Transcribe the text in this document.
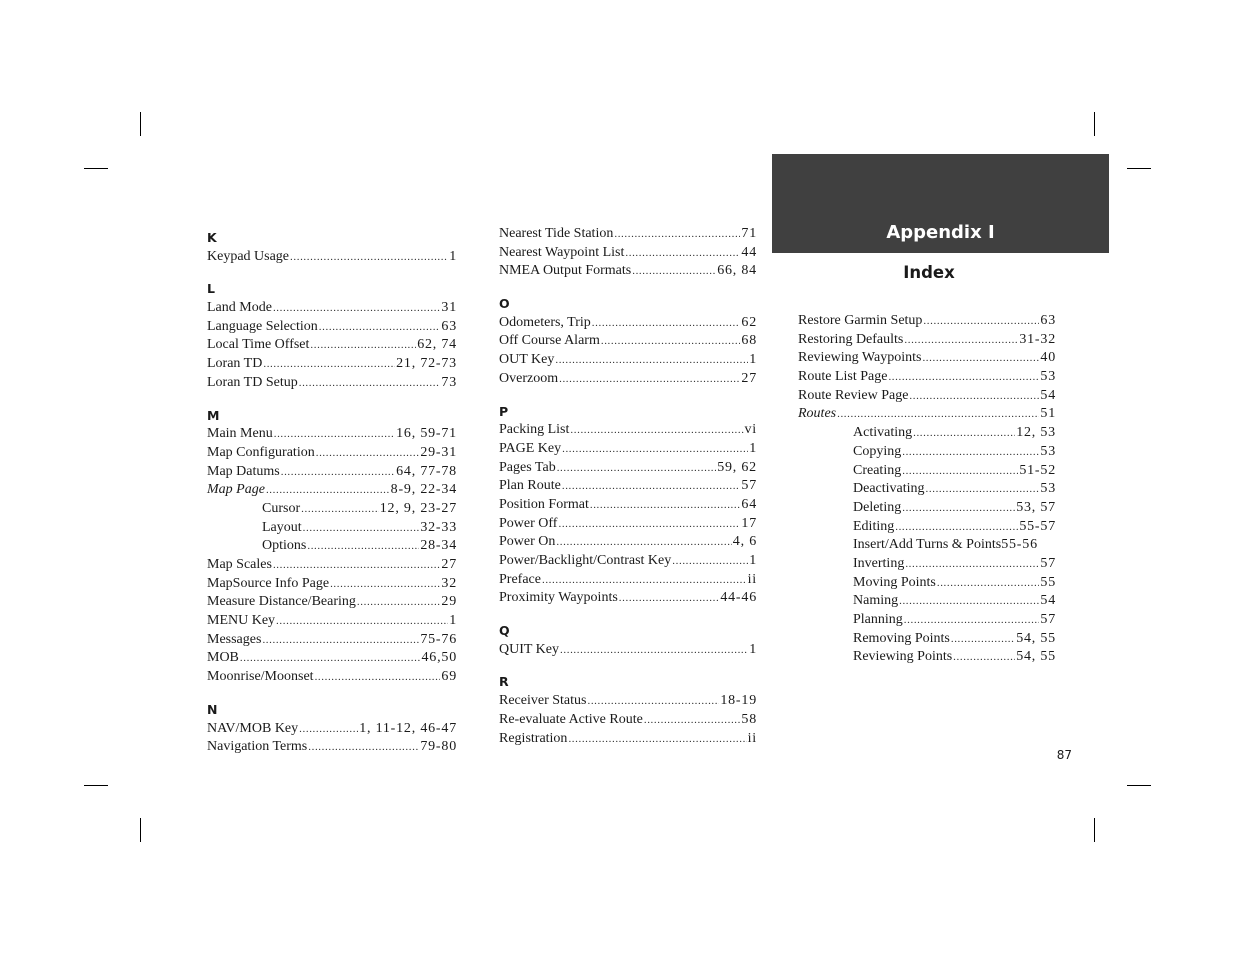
Appendix I
Index
K
Keypad Usage .....	1
L
Land Mode .....	31
Language Selection .....	63
Local Time Offset .....	62, 74
Loran TD .....	21, 72-73
Loran TD Setup .....	73
M
Main Menu .....	16, 59-71
Map Configuration .....	29-31
Map Datums .....	64, 77-78
Map Page .....	8-9, 22-34
Cursor .....	12, 9, 23-27
Layout .....	32-33
Options .....	28-34
Map Scales .....	27
MapSource Info Page .....	32
Measure Distance/Bearing .....	29
MENU Key .....	1
Messages .....	75-76
MOB .....	46,50
Moonrise/Moonset .....	69
N
NAV/MOB Key .....	1, 11-12, 46-47
Navigation Terms .....	79-80
Nearest Tide Station .....	71
Nearest Waypoint List .....	44
NMEA Output Formats .....	66, 84
O
Odometers, Trip .....	62
Off Course Alarm .....	68
OUT Key .....	1
Overzoom .....	27
P
Packing List .....	vi
PAGE Key .....	1
Pages Tab .....	59, 62
Plan Route .....	57
Position Format .....	64
Power Off .....	17
Power On .....	4, 6
Power/Backlight/Contrast Key .....	1
Preface .....	ii
Proximity Waypoints .....	44-46
Q
QUIT Key .....	1
R
Receiver Status .....	18-19
Re-evaluate Active Route .....	58
Registration .....	ii
Restore Garmin Setup .....	63
Restoring Defaults .....	31-32
Reviewing Waypoints .....	40
Route List Page .....	53
Route Review Page .....	54
Routes .....	51
Activating .....	12, 53
Copying .....	53
Creating .....	51-52
Deactivating .....	53
Deleting .....	53, 57
Editing .....	55-57
Insert/Add Turns & Points 55-56
Inverting .....	57
Moving Points .....	55
Naming .....	54
Planning .....	57
Removing Points .....	54, 55
Reviewing Points .....	54, 55
87
